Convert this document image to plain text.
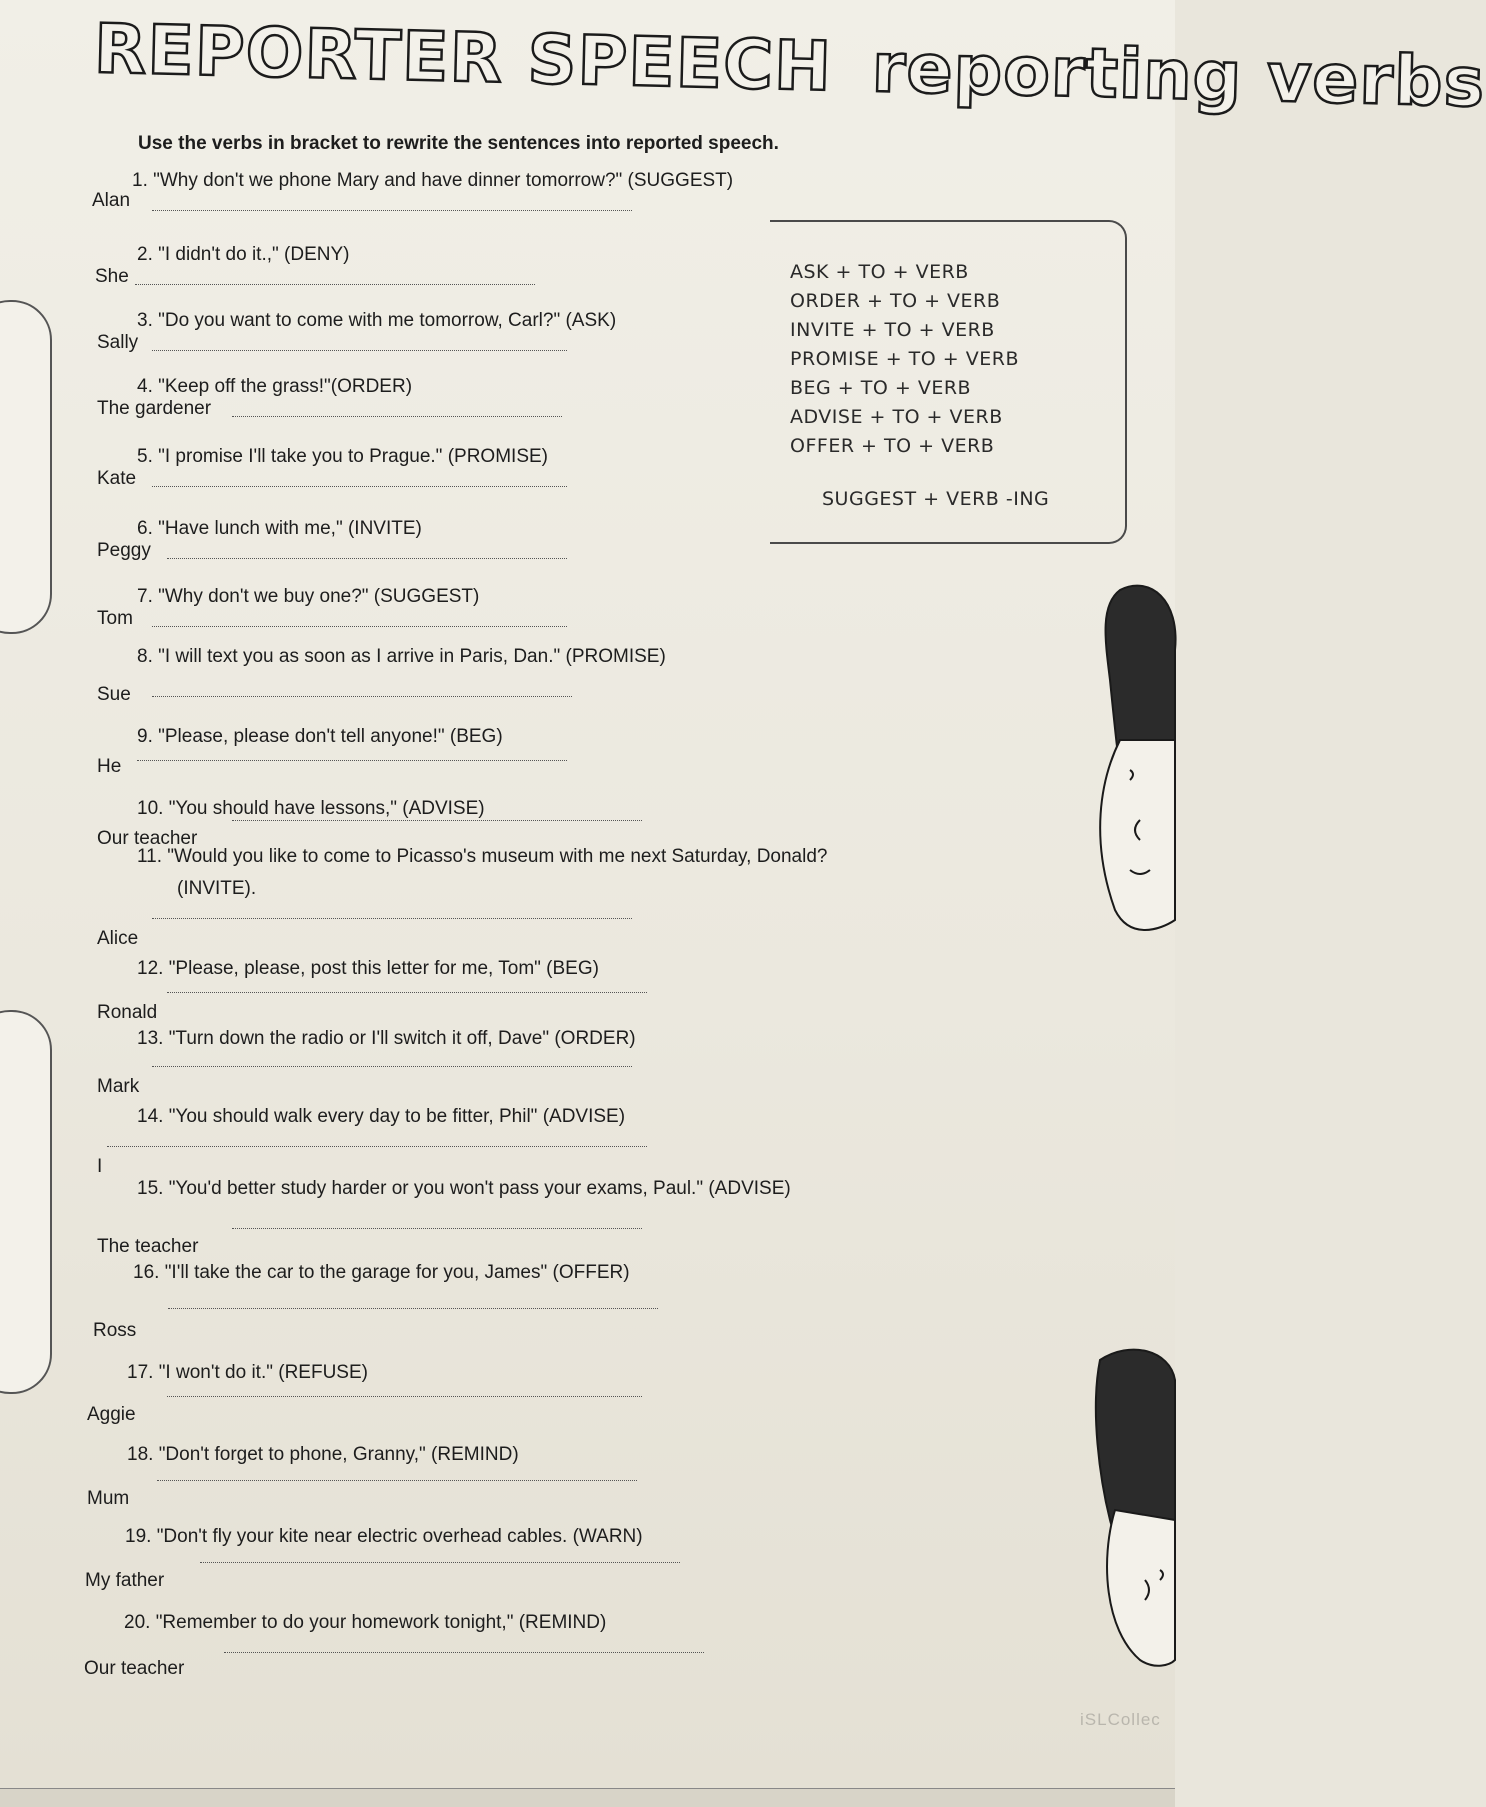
REPORTER SPEECH reporting verbs
Use the verbs in bracket to rewrite the sentences into reported speech.
ASK + TO + VERB
ORDER + TO + VERB
INVITE + TO + VERB
PROMISE + TO + VERB
BEG + TO + VERB
ADVISE + TO + VERB
OFFER + TO + VERB
SUGGEST + VERB -ING
1. "Why don't we phone Mary and have dinner tomorrow?" (SUGGEST)
Alan
2. "I didn't do it.," (DENY)
She
3. "Do you want to come with me tomorrow, Carl?" (ASK)
Sally
4. "Keep off the grass!"(ORDER)
The gardener
5. "I promise I'll take you to Prague." (PROMISE)
Kate
6. "Have lunch with me," (INVITE)
Peggy
7. "Why don't we buy one?" (SUGGEST)
Tom
8. "I will text you as soon as I arrive in Paris, Dan." (PROMISE)
Sue
9. "Please, please don't tell anyone!" (BEG)
He
10. "You should have lessons," (ADVISE)
Our teacher
11. "Would you like to come to Picasso's museum with me next Saturday, Donald?
(INVITE).
Alice
12. "Please, please, post this letter for me, Tom" (BEG)
Ronald
13. "Turn down the radio or I'll switch it off, Dave" (ORDER)
Mark
14. "You should walk every day to be fitter, Phil" (ADVISE)
I
15. "You'd better study harder or you won't pass your exams, Paul." (ADVISE)
The teacher
16. "I'll take the car to the garage for you, James" (OFFER)
Ross
17. "I won't do it." (REFUSE)
Aggie
18. "Don't forget to phone, Granny," (REMIND)
Mum
19. "Don't fly your kite near electric overhead cables. (WARN)
My father
20. "Remember to do your homework tonight," (REMIND)
Our teacher
iSLCollec
